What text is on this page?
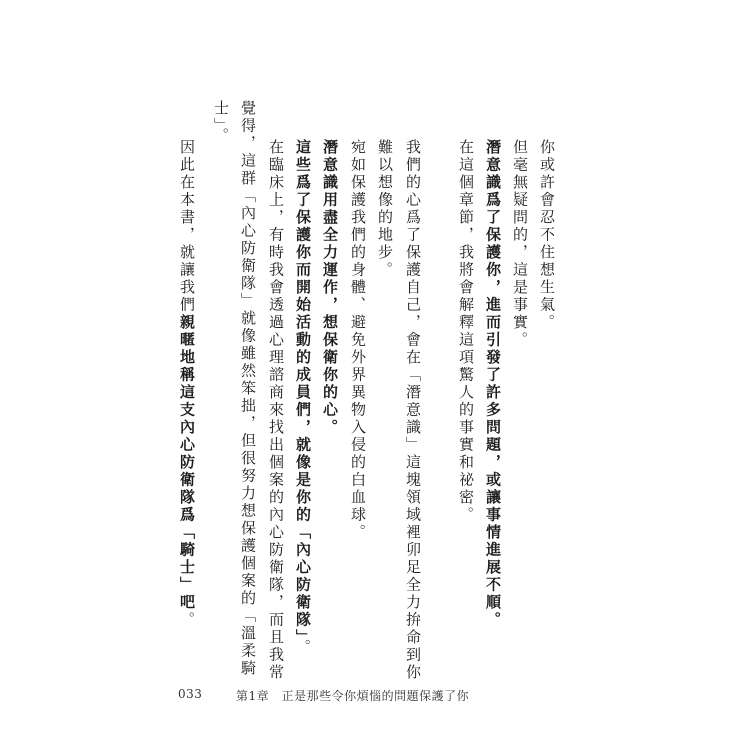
你或許會忍不住想生氣。
但毫無疑問的，這是事實。
潛意識爲了保護你，進而引發了許多問題，或讓事情進展不順。
在這個章節，我將會解釋這項驚人的事實和祕密。
我們的心爲了保護自己，會在「潛意識」這塊領域裡卯足全力拚命到你
難以想像的地步。
宛如保護我們的身體、避免外界異物入侵的白血球。
潛意識用盡全力運作，想保衛你的心。
這些爲了保護你而開始活動的成員們，就像是你的「內心防衛隊」。
在臨床上，有時我會透過心理諮商來找出個案的內心防衛隊，而且我常
覺得，這群「內心防衛隊」就像雖然笨拙，但很努力想保護個案的「溫柔騎
士」。
因此在本書，就讓我們親暱地稱這支內心防衛隊爲「騎士」吧。
033	第1章　正是那些令你煩惱的問題保護了你
